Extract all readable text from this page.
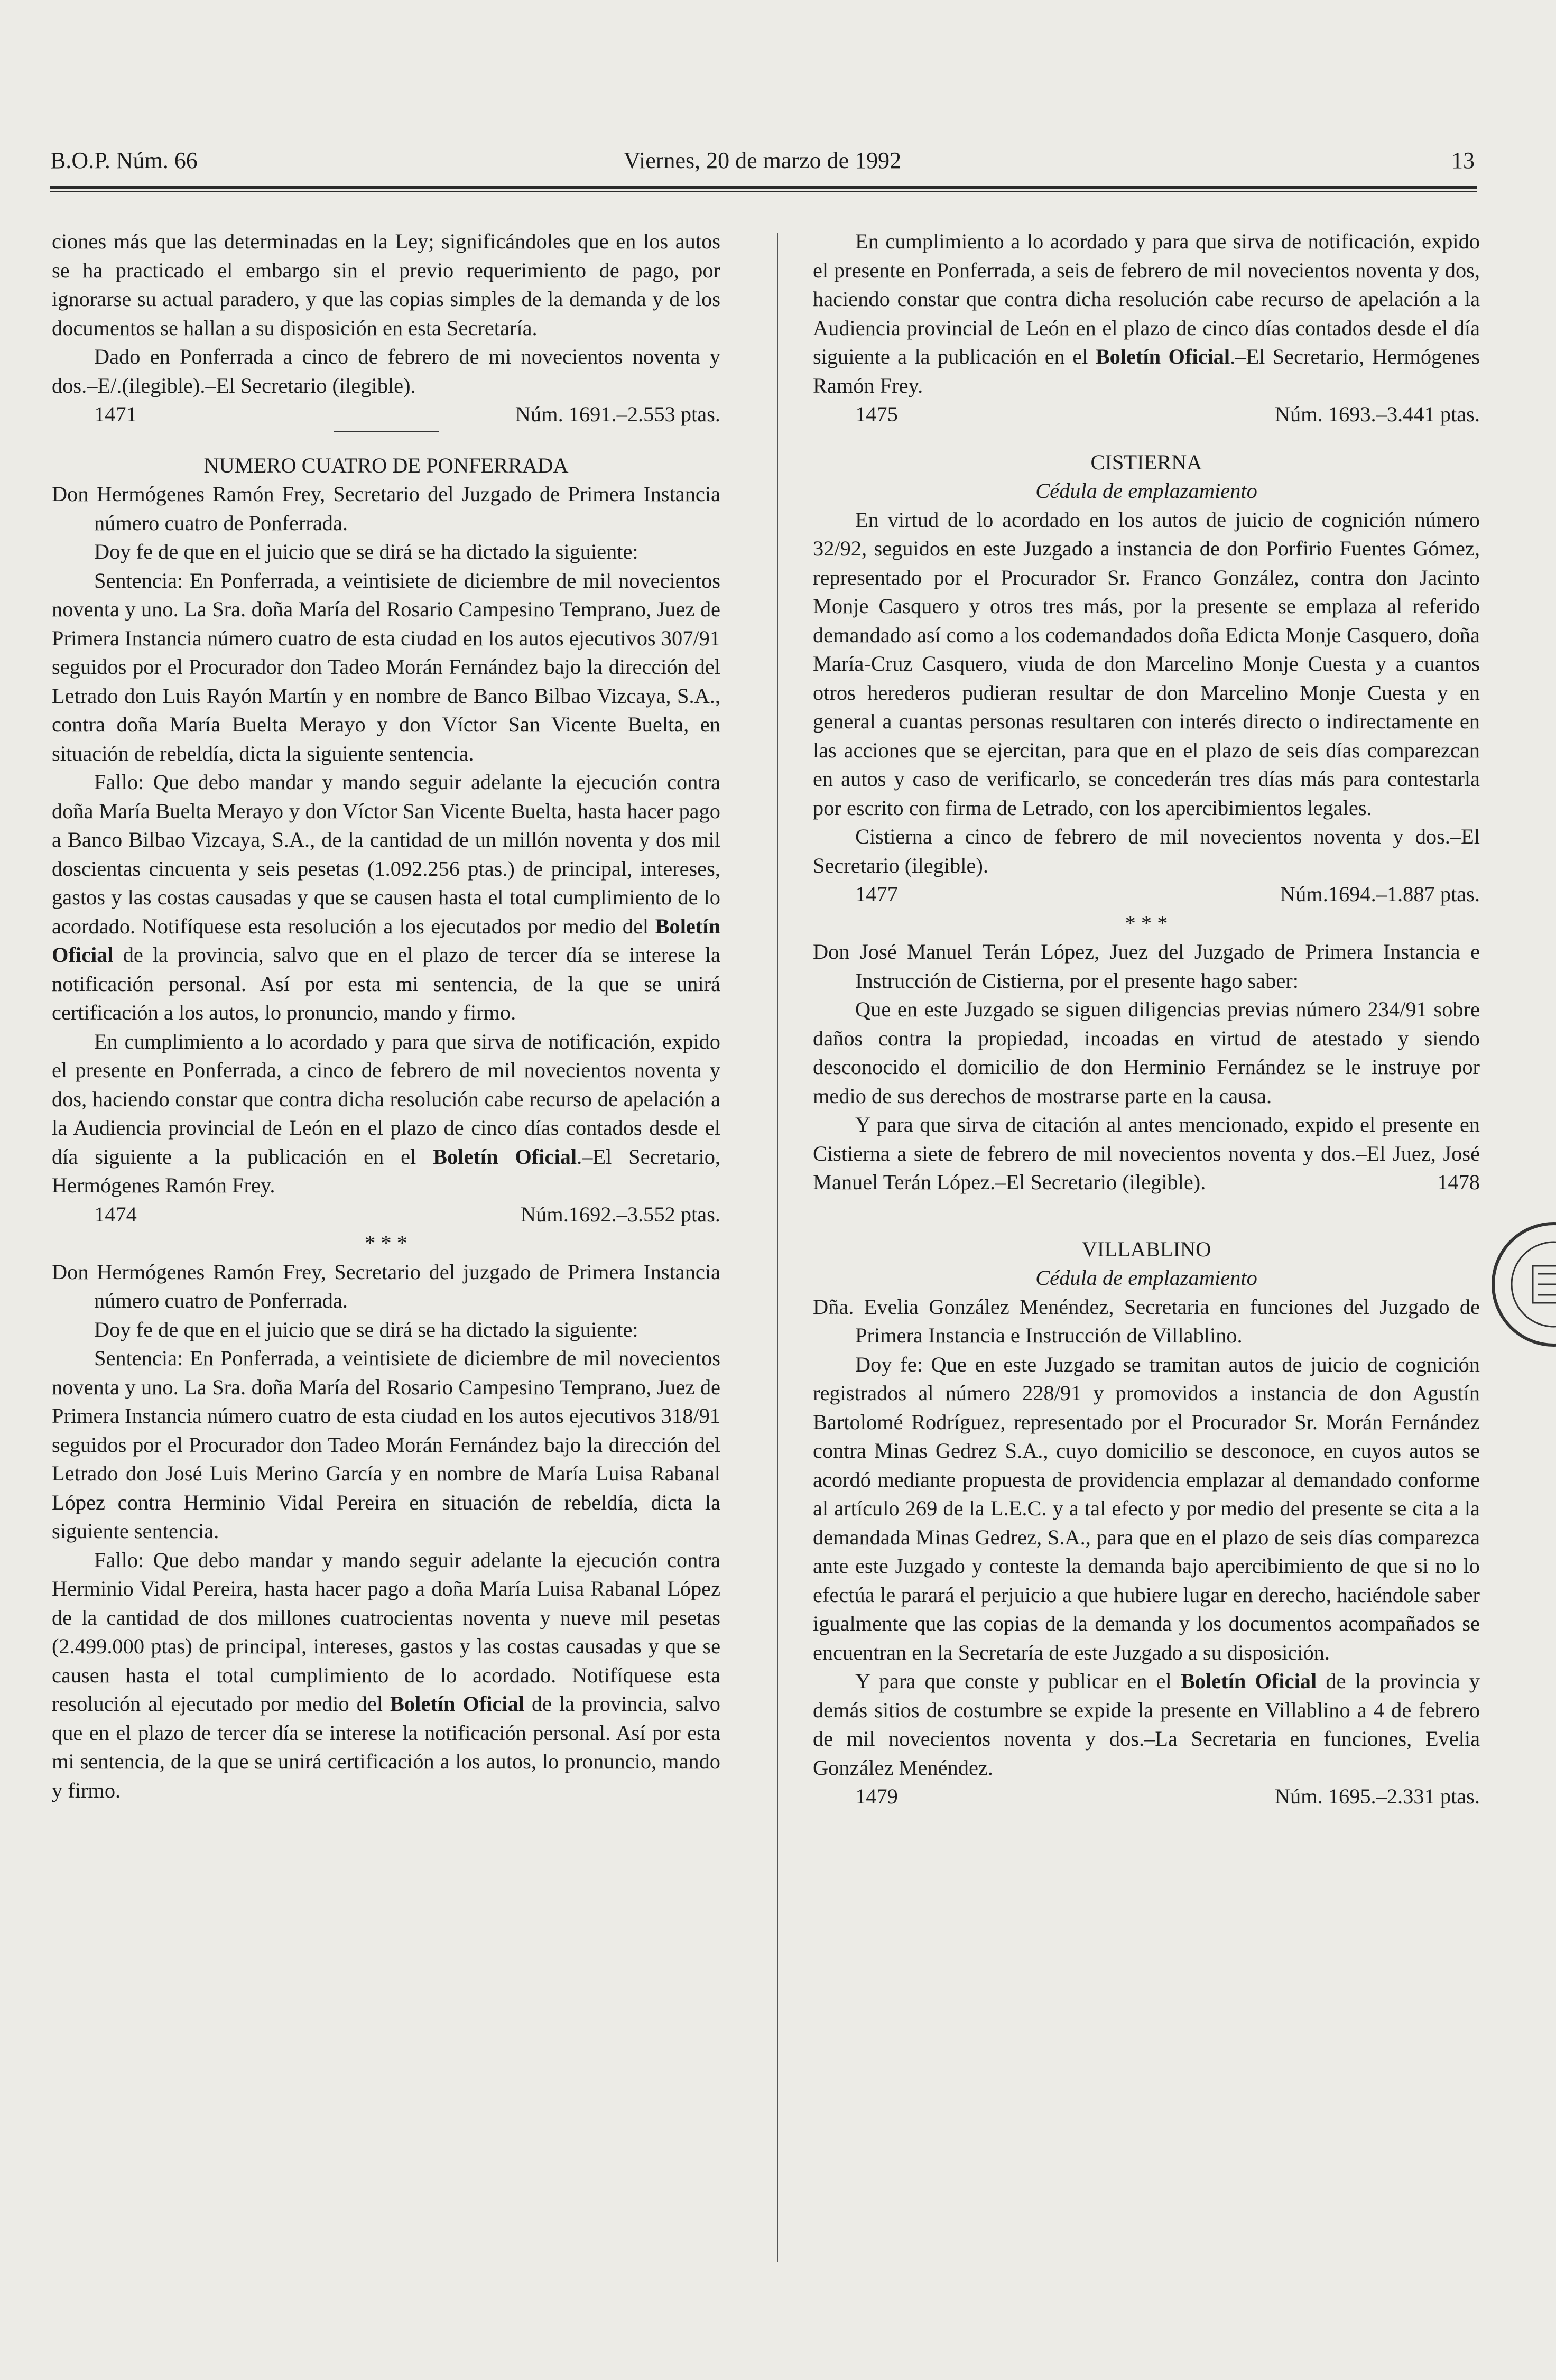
B.O.P. Núm. 66	Viernes, 20 de marzo de 1992	13

ciones más que las determinadas en la Ley; significándoles que en los autos se ha practicado el embargo sin el previo requerimiento de pago, por ignorarse su actual paradero, y que las copias simples de la demanda y de los documentos se hallan a su disposición en esta Secretaría.

Dado en Ponferrada a cinco de febrero de mi novecientos noventa y dos.–E/.(ilegible).–El Secretario (ilegible).

1471	Núm. 1691.–2.553 ptas.

NUMERO CUATRO DE PONFERRADA

Don Hermógenes Ramón Frey, Secretario del Juzgado de Primera Instancia número cuatro de Ponferrada.

Doy fe de que en el juicio que se dirá se ha dictado la siguiente:

Sentencia: En Ponferrada, a veintisiete de diciembre de mil novecientos noventa y uno. La Sra. doña María del Rosario Campesino Temprano, Juez de Primera Instancia número cuatro de esta ciudad en los autos ejecutivos 307/91 seguidos por el Procurador don Tadeo Morán Fernández bajo la dirección del Letrado don Luis Rayón Martín y en nombre de Banco Bilbao Vizcaya, S.A., contra doña María Buelta Merayo y don Víctor San Vicente Buelta, en situación de rebeldía, dicta la siguiente sentencia.

Fallo: Que debo mandar y mando seguir adelante la ejecución contra doña María Buelta Merayo y don Víctor San Vicente Buelta, hasta hacer pago a Banco Bilbao Vizcaya, S.A., de la cantidad de un millón noventa y dos mil doscientas cincuenta y seis pesetas (1.092.256 ptas.) de principal, intereses, gastos y las costas causadas y que se causen hasta el total cumplimiento de lo acordado. Notifíquese esta resolución a los ejecutados por medio del Boletín Oficial de la provincia, salvo que en el plazo de tercer día se interese la notificación personal. Así por esta mi sentencia, de la que se unirá certificación a los autos, lo pronuncio, mando y firmo.

En cumplimiento a lo acordado y para que sirva de notificación, expido el presente en Ponferrada, a cinco de febrero de mil novecientos noventa y dos, haciendo constar que contra dicha resolución cabe recurso de apelación a la Audiencia provincial de León en el plazo de cinco días contados desde el día siguiente a la publicación en el Boletín Oficial.–El Secretario, Hermógenes Ramón Frey.

1474	Núm.1692.–3.552 ptas.

* * *

Don Hermógenes Ramón Frey, Secretario del juzgado de Primera Instancia número cuatro de Ponferrada.

Doy fe de que en el juicio que se dirá se ha dictado la siguiente:

Sentencia: En Ponferrada, a veintisiete de diciembre de mil novecientos noventa y uno. La Sra. doña María del Rosario Campesino Temprano, Juez de Primera Instancia número cuatro de esta ciudad en los autos ejecutivos 318/91 seguidos por el Procurador don Tadeo Morán Fernández bajo la dirección del Letrado don José Luis Merino García y en nombre de María Luisa Rabanal López contra Herminio Vidal Pereira en situación de rebeldía, dicta la siguiente sentencia.

Fallo: Que debo mandar y mando seguir adelante la ejecución contra Herminio Vidal Pereira, hasta hacer pago a doña María Luisa Rabanal López de la cantidad de dos millones cuatrocientas noventa y nueve mil pesetas (2.499.000 ptas) de principal, intereses, gastos y las costas causadas y que se causen hasta el total cumplimiento de lo acordado. Notifíquese esta resolución al ejecutado por medio del Boletín Oficial de la provincia, salvo que en el plazo de tercer día se interese la notificación personal. Así por esta mi sentencia, de la que se unirá certificación a los autos, lo pronuncio, mando y firmo.

En cumplimiento a lo acordado y para que sirva de notificación, expido el presente en Ponferrada, a seis de febrero de mil novecientos noventa y dos, haciendo constar que contra dicha resolución cabe recurso de apelación a la Audiencia provincial de León en el plazo de cinco días contados desde el día siguiente a la publicación en el Boletín Oficial.–El Secretario, Hermógenes Ramón Frey.

1475	Núm. 1693.–3.441 ptas.

CISTIERNA

Cédula de emplazamiento

En virtud de lo acordado en los autos de juicio de cognición número 32/92, seguidos en este Juzgado a instancia de don Porfirio Fuentes Gómez, representado por el Procurador Sr. Franco González, contra don Jacinto Monje Casquero y otros tres más, por la presente se emplaza al referido demandado así como a los codemandados doña Edicta Monje Casquero, doña María-Cruz Casquero, viuda de don Marcelino Monje Cuesta y a cuantos otros herederos pudieran resultar de don Marcelino Monje Cuesta y en general a cuantas personas resultaren con interés directo o indirectamente en las acciones que se ejercitan, para que en el plazo de seis días comparezcan en autos y caso de verificarlo, se concederán tres días más para contestarla por escrito con firma de Letrado, con los apercibimientos legales.

Cistierna a cinco de febrero de mil novecientos noventa y dos.–El Secretario (ilegible).

1477	Núm.1694.–1.887 ptas.

* * *

Don José Manuel Terán López, Juez del Juzgado de Primera Instancia e Instrucción de Cistierna, por el presente hago saber:

Que en este Juzgado se siguen diligencias previas número 234/91 sobre daños contra la propiedad, incoadas en virtud de atestado y siendo desconocido el domicilio de don Herminio Fernández se le instruye por medio de sus derechos de mostrarse parte en la causa.

Y para que sirva de citación al antes mencionado, expido el presente en Cistierna a siete de febrero de mil novecientos noventa y dos.–El Juez, José Manuel Terán López.–El Secretario (ilegible).	1478

VILLABLINO

Cédula de emplazamiento

Dña. Evelia González Menéndez, Secretaria en funciones del Juzgado de Primera Instancia e Instrucción de Villablino.

Doy fe: Que en este Juzgado se tramitan autos de juicio de cognición registrados al número 228/91 y promovidos a instancia de don Agustín Bartolomé Rodríguez, representado por el Procurador Sr. Morán Fernández contra Minas Gedrez S.A., cuyo domicilio se desconoce, en cuyos autos se acordó mediante propuesta de providencia emplazar al demandado conforme al artículo 269 de la L.E.C. y a tal efecto y por medio del presente se cita a la demandada Minas Gedrez, S.A., para que en el plazo de seis días comparezca ante este Juzgado y conteste la demanda bajo apercibimiento de que si no lo efectúa le parará el perjuicio a que hubiere lugar en derecho, haciéndole saber igualmente que las copias de la demanda y los documentos acompañados se encuentran en la Secretaría de este Juzgado a su disposición.

Y para que conste y publicar en el Boletín Oficial de la provincia y demás sitios de costumbre se expide la presente en Villablino a 4 de febrero de mil novecientos noventa y dos.–La Secretaria en funciones, Evelia González Menéndez.

1479	Núm. 1695.–2.331 ptas.
